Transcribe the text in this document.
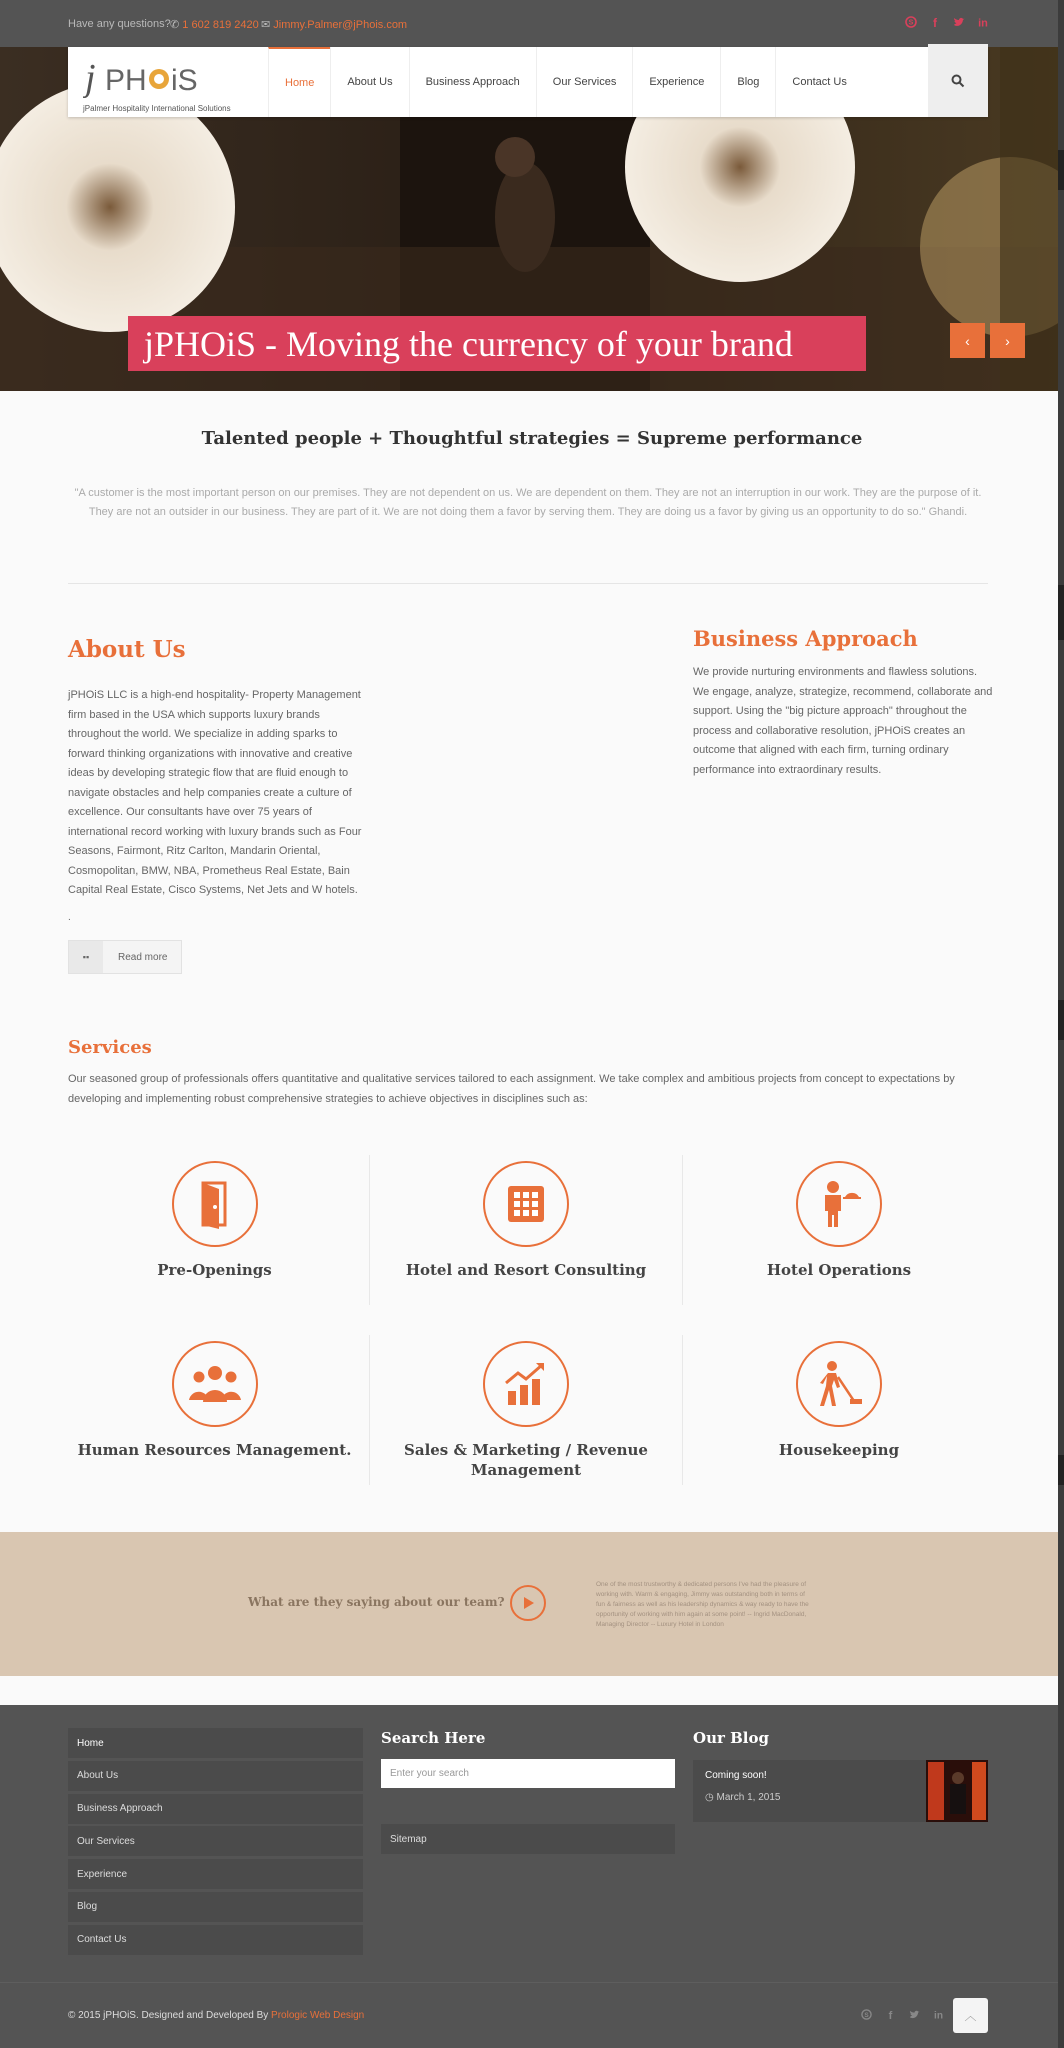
Have any questions? ✆ 1 602 819 2420 ✉ Jimmy.Palmer@jPhois.com	S f	in
j PH iS
jPalmer Hospitality International Solutions
Home	About Us	Business Approach	Our Services	Experience	Blog	Contact Us
jPHOiS - Moving the currency of your brand	‹	›
Talented people + Thoughtful strategies = Supreme performance
"A customer is the most important person on our premises. They are not dependent on us. We are dependent on them. They are not an interruption in our work. They are the purpose of it. They are not an outsider in our business. They are part of it. We are not doing them a favor by serving them. They are doing us a favor by giving us an opportunity to do so." Ghandi.
About Us
jPHOiS LLC is a high-end hospitality- Property Management firm based in the USA which supports luxury brands throughout the world. We specialize in adding sparks to forward thinking organizations with innovative and creative ideas by developing strategic flow that are fluid enough to navigate obstacles and help companies create a culture of excellence. Our consultants have over 75 years of international record working with luxury brands such as Four Seasons, Fairmont, Ritz Carlton, Mandarin Oriental, Cosmopolitan, BMW, NBA, Prometheus Real Estate, Bain Capital Real Estate, Cisco Systems, Net Jets and W hotels.
.
▪▪	Read more
Business Approach
We provide nurturing environments and flawless solutions. We engage, analyze, strategize, recommend, collaborate and support. Using the "big picture approach" throughout the process and collaborative resolution, jPHOiS creates an outcome that aligned with each firm, turning ordinary performance into extraordinary results.
Services
Our seasoned group of professionals offers quantitative and qualitative services tailored to each assignment. We take complex and ambitious projects from concept to expectations by developing and implementing robust comprehensive strategies to achieve objectives in disciplines such as:
Pre-Openings	Hotel and Resort Consulting	Hotel Operations
Human Resources Management.	Sales & Marketing / Revenue Management
Housekeeping
What are they saying about our team?
One of the most trustworthy & dedicated persons I've had the pleasure of working with. Warm & engaging, Jimmy was outstanding both in terms of fun & fairness as well as his leadership dynamics & way ready to have the opportunity of working with him again at some point! -- Ingrid MacDonald, Managing Director -- Luxury Hotel in London
Home
About Us
Business Approach
Our Services
Experience
Blog
Contact Us
Search Here
Enter your search
Sitemap
Our Blog
Coming soon!
◷ March 1, 2015
© 2015 jPHOiS. Designed and Developed By Prologic Web Design	S f	in ︿
